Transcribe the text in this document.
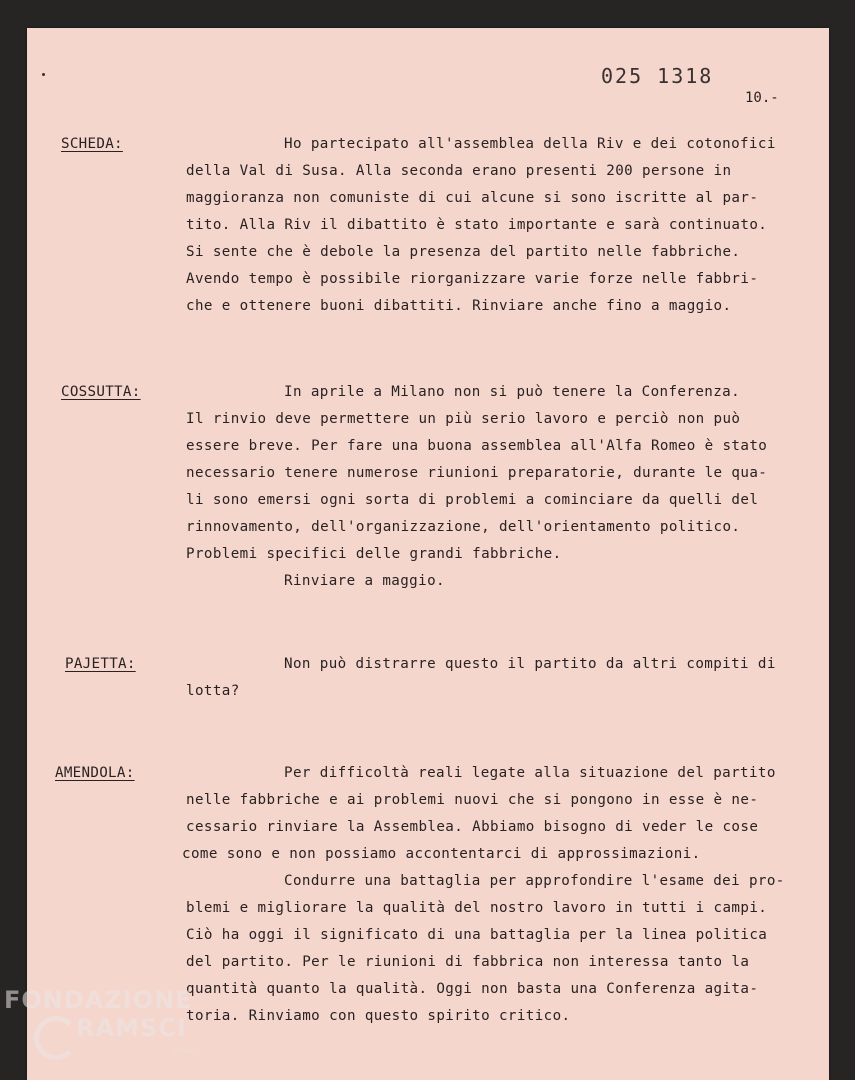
025 1318
10.-
SCHEDA:	Ho partecipato all'assemblea della Riv e dei cotonofici
della Val di Susa. Alla seconda erano presenti 200 persone in
maggioranza non comuniste di cui alcune si sono iscritte al par-
tito. Alla Riv il dibattito è stato importante e sarà continuato.
Si sente che è debole la presenza del partito nelle fabbriche.
Avendo tempo è possibile riorganizzare varie forze nelle fabbri-
che e ottenere buoni dibattiti. Rinviare anche fino a maggio.
COSSUTTA:	In aprile a Milano non si può tenere la Conferenza.
Il rinvio deve permettere un più serio lavoro e perciò non può
essere breve. Per fare una buona assemblea all'Alfa Romeo è stato
necessario tenere numerose riunioni preparatorie, durante le qua-
li sono emersi ogni sorta di problemi a cominciare da quelli del
rinnovamento, dell'organizzazione, dell'orientamento politico.
Problemi specifici delle grandi fabbriche.
Rinviare a maggio.
PAJETTA:	Non può distrarre questo il partito da altri compiti di
lotta?
AMENDOLA:	Per difficoltà reali legate alla situazione del partito
nelle fabbriche e ai problemi nuovi che si pongono in esse è ne-
cessario rinviare la Assemblea. Abbiamo bisogno di veder le cose
come sono e non possiamo accontentarci di approssimazioni.
Condurre una battaglia per approfondire l'esame dei pro-
blemi e migliorare la qualità del nostro lavoro in tutti i campi.
Ciò ha oggi il significato di una battaglia per la linea politica
del partito. Per le riunioni di fabbrica non interessa tanto la
quantità quanto la qualità. Oggi non basta una Conferenza agita-
toria. Rinviamo con questo spirito critico.
FONDAZIONE
RAMSCI
onlus
